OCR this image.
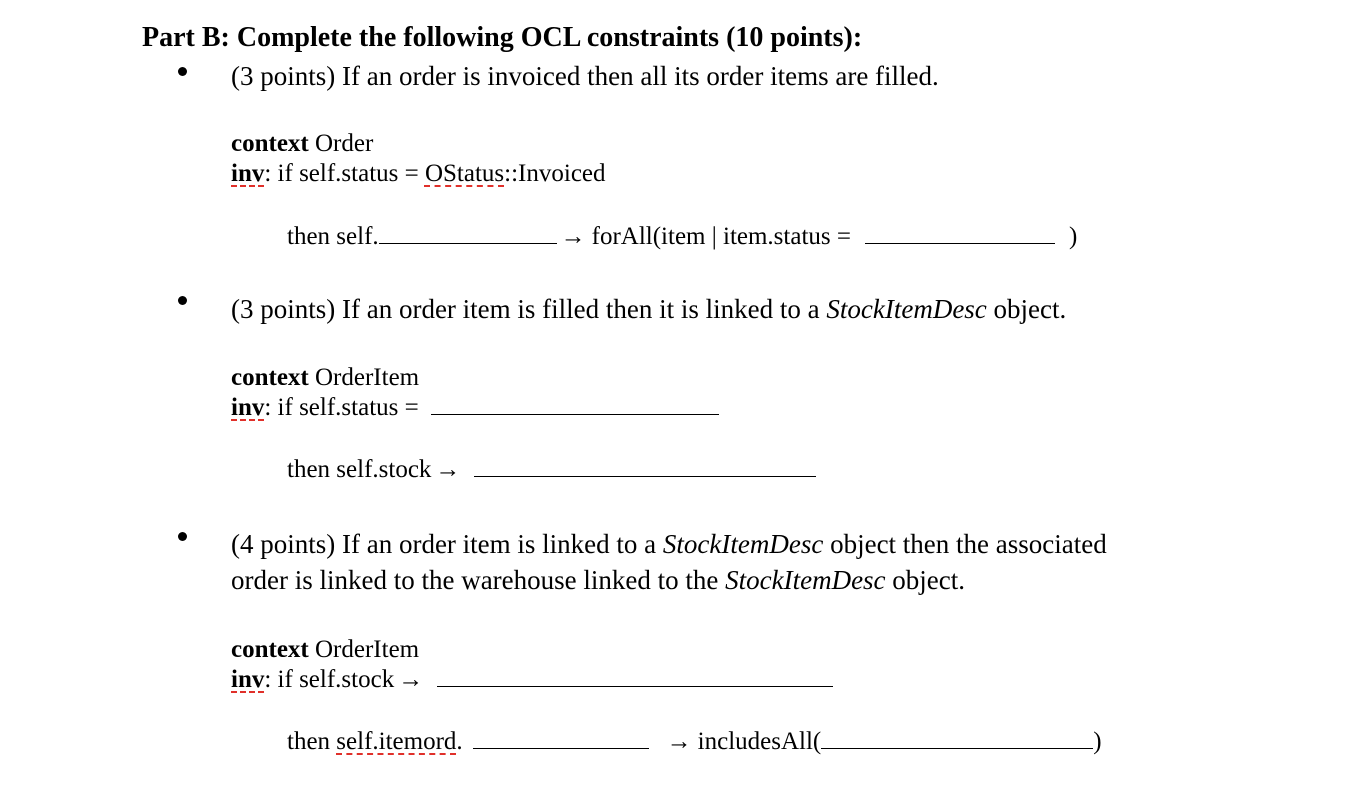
Part B: Complete the following OCL constraints (10 points):
(3 points) If an order is invoiced then all its order items are filled.
context Order
inv: if self.status = OStatus::Invoiced
then self.	→ forAll(item | item.status =	)
(3 points) If an order item is filled then it is linked to a StockItemDesc object.
context OrderItem
inv: if self.status =
then self.stock →
(4 points) If an order item is linked to a StockItemDesc object then the associated
order is linked to the warehouse linked to the StockItemDesc object.
context OrderItem
inv: if self.stock →
then self.itemord.	→ includesAll(	)
